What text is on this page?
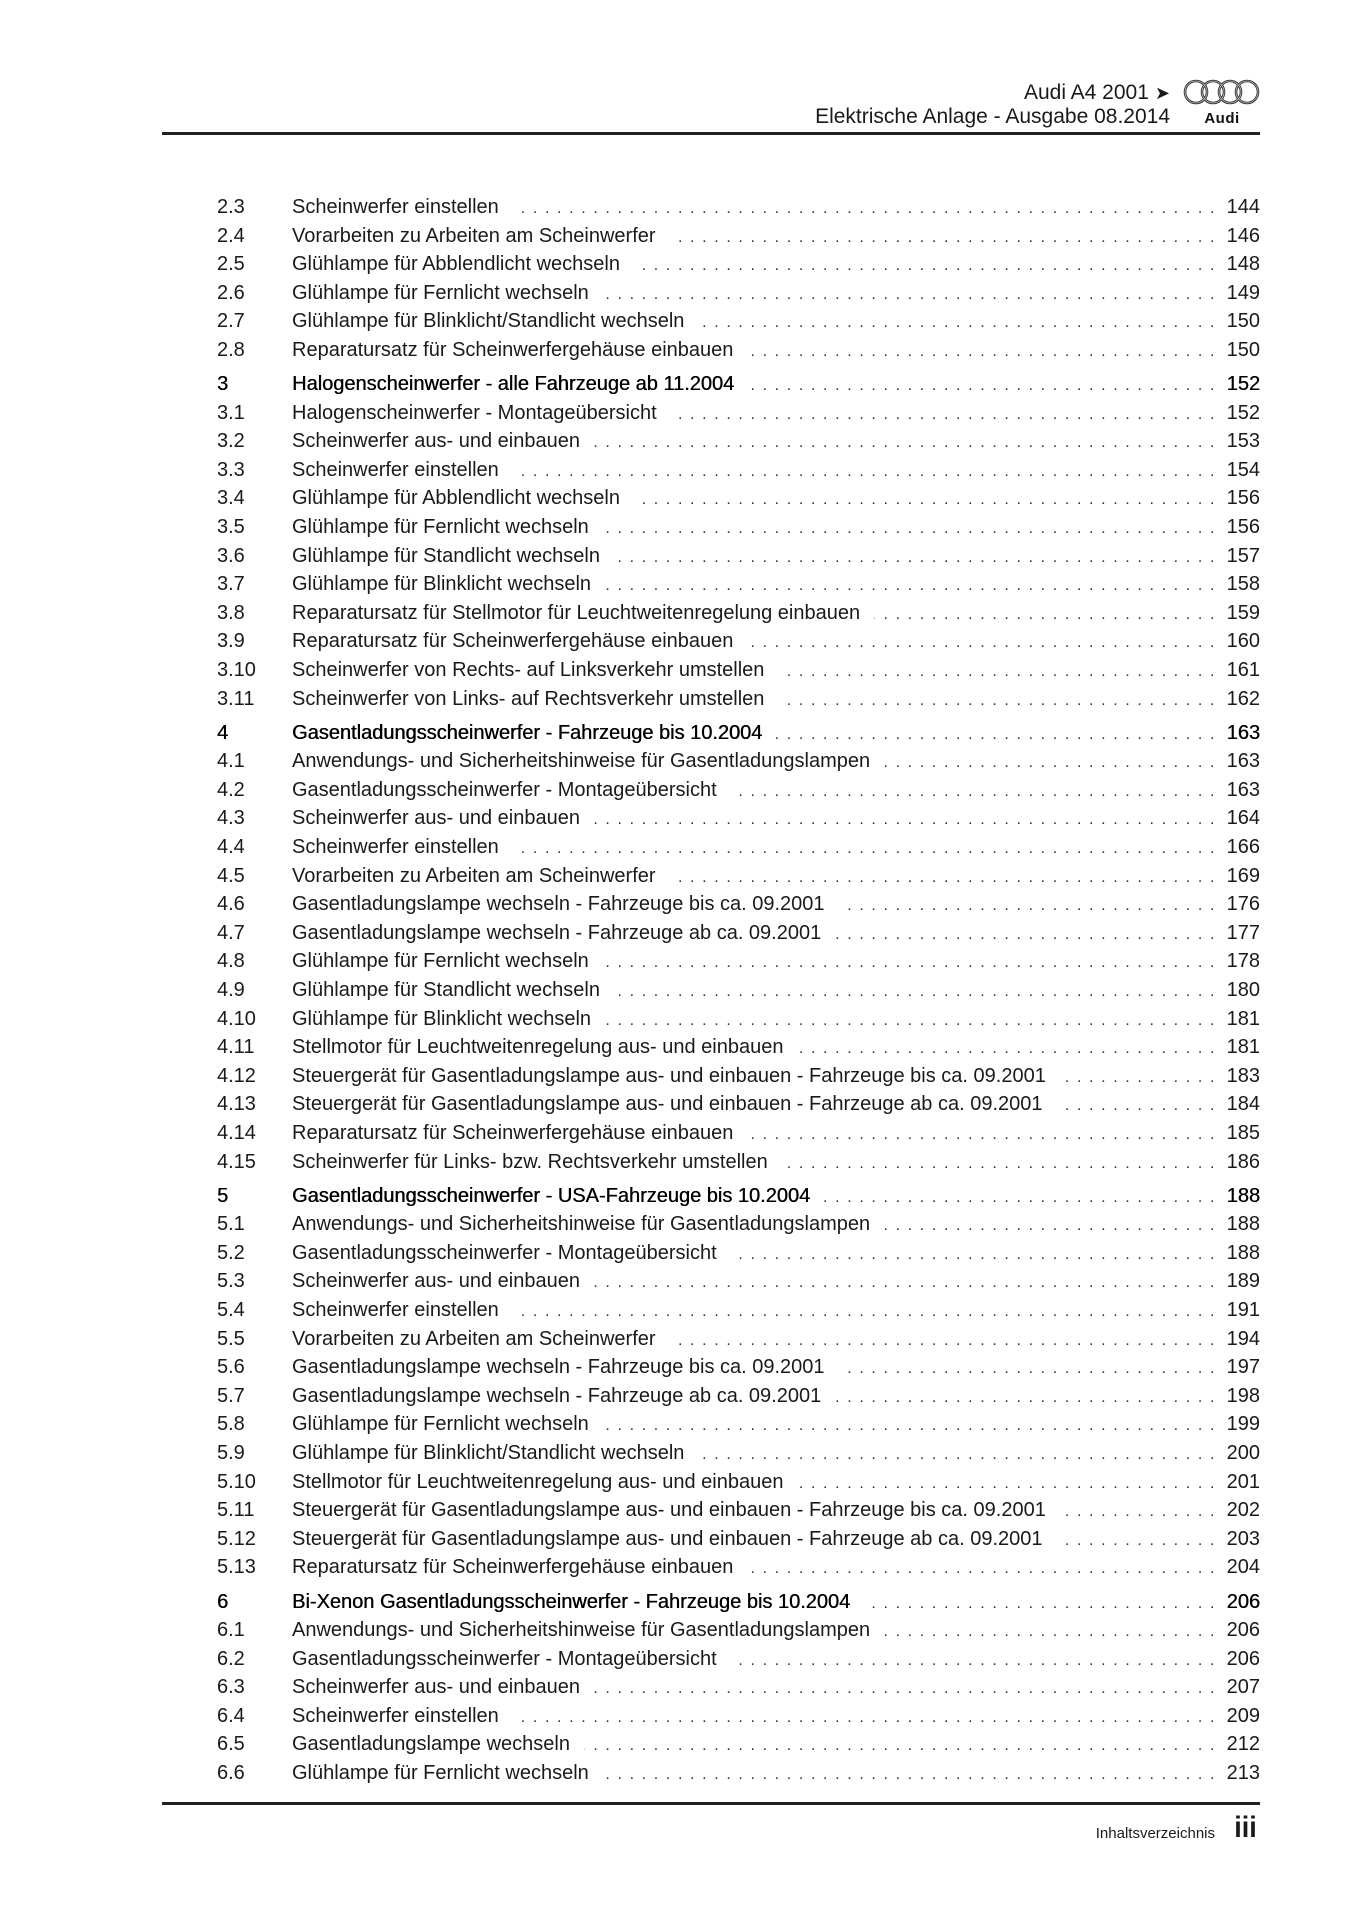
Audi A4 2001 ➤
Elektrische Anlage - Ausgabe 08.2014	Audi
2.3	Scheinwerfer einstellen . . .	144
2.4	Vorarbeiten zu Arbeiten am Scheinwerfer . . .	146
2.5	Glühlampe für Abblendlicht wechseln . . .	148
2.6	Glühlampe für Fernlicht wechseln . . .	149
2.7	Glühlampe für Blinklicht/Standlicht wechseln . . .	150
2.8	Reparatursatz für Scheinwerfergehäuse einbauen . . .	150
3	Halogenscheinwerfer - alle Fahrzeuge ab 11.2004 . . .	152
3.1	Halogenscheinwerfer - Montageübersicht . . .	152
3.2	Scheinwerfer aus- und einbauen . . .	153
3.3	Scheinwerfer einstellen . . .	154
3.4	Glühlampe für Abblendlicht wechseln . . .	156
3.5	Glühlampe für Fernlicht wechseln . . .	156
3.6	Glühlampe für Standlicht wechseln . . .	157
3.7	Glühlampe für Blinklicht wechseln . . .	158
3.8	Reparatursatz für Stellmotor für Leuchtweitenregelung einbauen . . .	159
3.9	Reparatursatz für Scheinwerfergehäuse einbauen . . .	160
3.10	Scheinwerfer von Rechts- auf Linksverkehr umstellen . . .	161
3.11	Scheinwerfer von Links- auf Rechtsverkehr umstellen . . .	162
4	Gasentladungsscheinwerfer - Fahrzeuge bis 10.2004 . . .	163
4.1	Anwendungs- und Sicherheitshinweise für Gasentladungslampen . . .	163
4.2	Gasentladungsscheinwerfer - Montageübersicht . . .	163
4.3	Scheinwerfer aus- und einbauen . . .	164
4.4	Scheinwerfer einstellen . . .	166
4.5	Vorarbeiten zu Arbeiten am Scheinwerfer . . .	169
4.6	Gasentladungslampe wechseln - Fahrzeuge bis ca. 09.2001 . . .	176
4.7	Gasentladungslampe wechseln - Fahrzeuge ab ca. 09.2001 . . .	177
4.8	Glühlampe für Fernlicht wechseln . . .	178
4.9	Glühlampe für Standlicht wechseln . . .	180
4.10	Glühlampe für Blinklicht wechseln . . .	181
4.11	Stellmotor für Leuchtweitenregelung aus- und einbauen . . .	181
4.12	Steuergerät für Gasentladungslampe aus- und einbauen - Fahrzeuge bis ca. 09.2001 . . .	183
4.13	Steuergerät für Gasentladungslampe aus- und einbauen - Fahrzeuge ab ca. 09.2001 . . .	184
4.14	Reparatursatz für Scheinwerfergehäuse einbauen . . .	185
4.15	Scheinwerfer für Links- bzw. Rechtsverkehr umstellen . . .	186
5	Gasentladungsscheinwerfer - USA-Fahrzeuge bis 10.2004 . . .	188
5.1	Anwendungs- und Sicherheitshinweise für Gasentladungslampen . . .	188
5.2	Gasentladungsscheinwerfer - Montageübersicht . . .	188
5.3	Scheinwerfer aus- und einbauen . . .	189
5.4	Scheinwerfer einstellen . . .	191
5.5	Vorarbeiten zu Arbeiten am Scheinwerfer . . .	194
5.6	Gasentladungslampe wechseln - Fahrzeuge bis ca. 09.2001 . . .	197
5.7	Gasentladungslampe wechseln - Fahrzeuge ab ca. 09.2001 . . .	198
5.8	Glühlampe für Fernlicht wechseln . . .	199
5.9	Glühlampe für Blinklicht/Standlicht wechseln . . .	200
5.10	Stellmotor für Leuchtweitenregelung aus- und einbauen . . .	201
5.11	Steuergerät für Gasentladungslampe aus- und einbauen - Fahrzeuge bis ca. 09.2001 . . .	202
5.12	Steuergerät für Gasentladungslampe aus- und einbauen - Fahrzeuge ab ca. 09.2001 . . .	203
5.13	Reparatursatz für Scheinwerfergehäuse einbauen . . .	204
6	Bi-Xenon Gasentladungsscheinwerfer - Fahrzeuge bis 10.2004 . . .	206
6.1	Anwendungs- und Sicherheitshinweise für Gasentladungslampen . . .	206
6.2	Gasentladungsscheinwerfer - Montageübersicht . . .	206
6.3	Scheinwerfer aus- und einbauen . . .	207
6.4	Scheinwerfer einstellen . . .	209
6.5	Gasentladungslampe wechseln . . .	212
6.6	Glühlampe für Fernlicht wechseln . . .	213
Inhaltsverzeichnis iii
